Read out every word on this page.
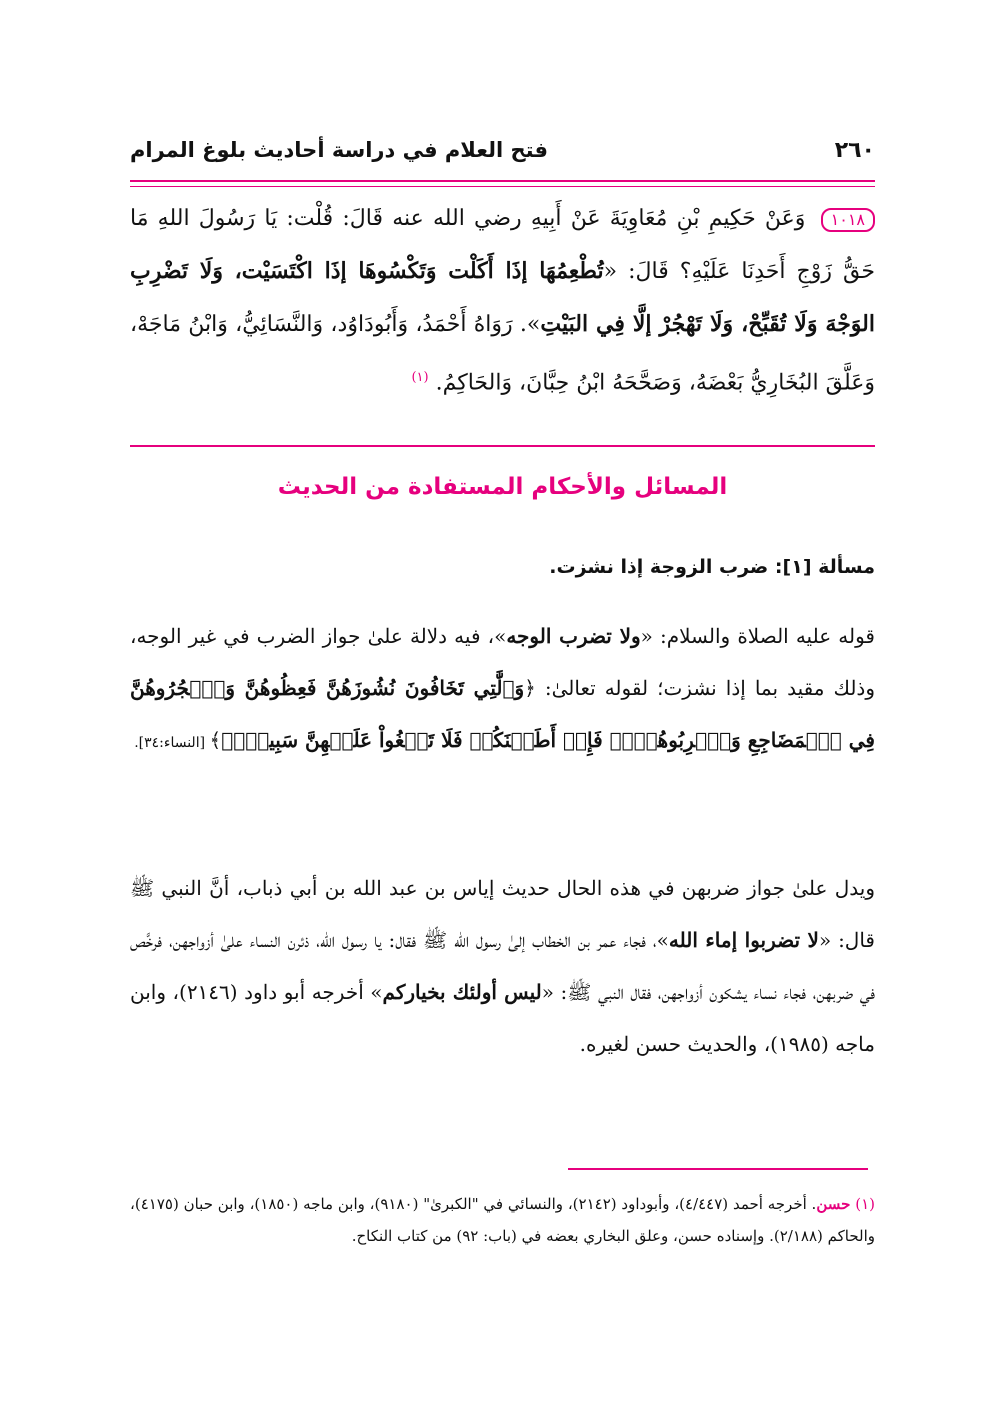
٢٦٠
فتح العلام في دراسة أحاديث بلوغ المرام
١٠١٨ وَعَنْ حَكِيمِ بْنِ مُعَاوِيَةَ عَنْ أَبِيهِ رضي الله عنه قَالَ: قُلْت: يَا رَسُولَ اللهِ مَا حَقُّ زَوْجِ أَحَدِنَا عَلَيْهِ؟ قَالَ: «تُطْعِمُهَا إذَا أَكَلْت وَتَكْسُوهَا إذَا اكْتَسَيْت، وَلَا تَضْرِبِ الوَجْهَ وَلَا تُقَبِّحْ، وَلَا تَهْجُرْ إلَّا فِي البَيْتِ». رَوَاهُ أَحْمَدُ، وَأَبُودَاوُد، وَالنَّسَائِيُّ، وَابْنُ مَاجَهْ، وَعَلَّقَ البُخَارِيُّ بَعْضَهُ، وَصَحَّحَهُ ابْنُ حِبَّانَ، وَالحَاكِمُ. $^{(١)}$
المسائل والأحكام المستفادة من الحديث
مسألة [١]: ضرب الزوجة إذا نشزت.
قوله عليه الصلاة والسلام: «ولا تضرب الوجه»، فيه دلالة علىٰ جواز الضرب في غير الوجه، وذلك مقيد بما إذا نشزت؛ لقوله تعالىٰ: ﴿وَٱلَّٰتِي تَخَافُونَ نُشُوزَهُنَّ فَعِظُوهُنَّ وَٱهۡجُرُوهُنَّ فِي ٱلۡمَضَاجِعِ وَٱضۡرِبُوهُنَّۖ فَإِنۡ أَطَعۡنَكُمۡ فَلَا تَبۡغُواْ عَلَيۡهِنَّ سَبِيلًاۗ﴾ [النساء:٣٤].
ويدل علىٰ جواز ضربهن في هذه الحال حديث إياس بن عبد الله بن أبي ذباب، أنَّ النبي ﷺ قال: «لا تضربوا إماء الله»، فجاء عمر بن الخطاب إلىٰ رسول الله ﷺ فقال: يا رسول الله، ذئرن النساء علىٰ أزواجهن، فرخَّص في ضربهن، فجاء نساء يشكون أزواجهن، فقال النبي ﷺ: «ليس أولئك بخياركم» أخرجه أبو داود (٢١٤٦)، وابن ماجه (١٩٨٥)، والحديث حسن لغيره.
(١) حسن. أخرجه أحمد (٤/٤٤٧)، وأبوداود (٢١٤٢)، والنسائي في "الكبرىٰ" (٩١٨٠)، وابن ماجه (١٨٥٠)، وابن حبان (٤١٧٥)، والحاكم (٢/١٨٨). وإسناده حسن، وعلق البخاري بعضه في (باب: ٩٢) من كتاب النكاح.
